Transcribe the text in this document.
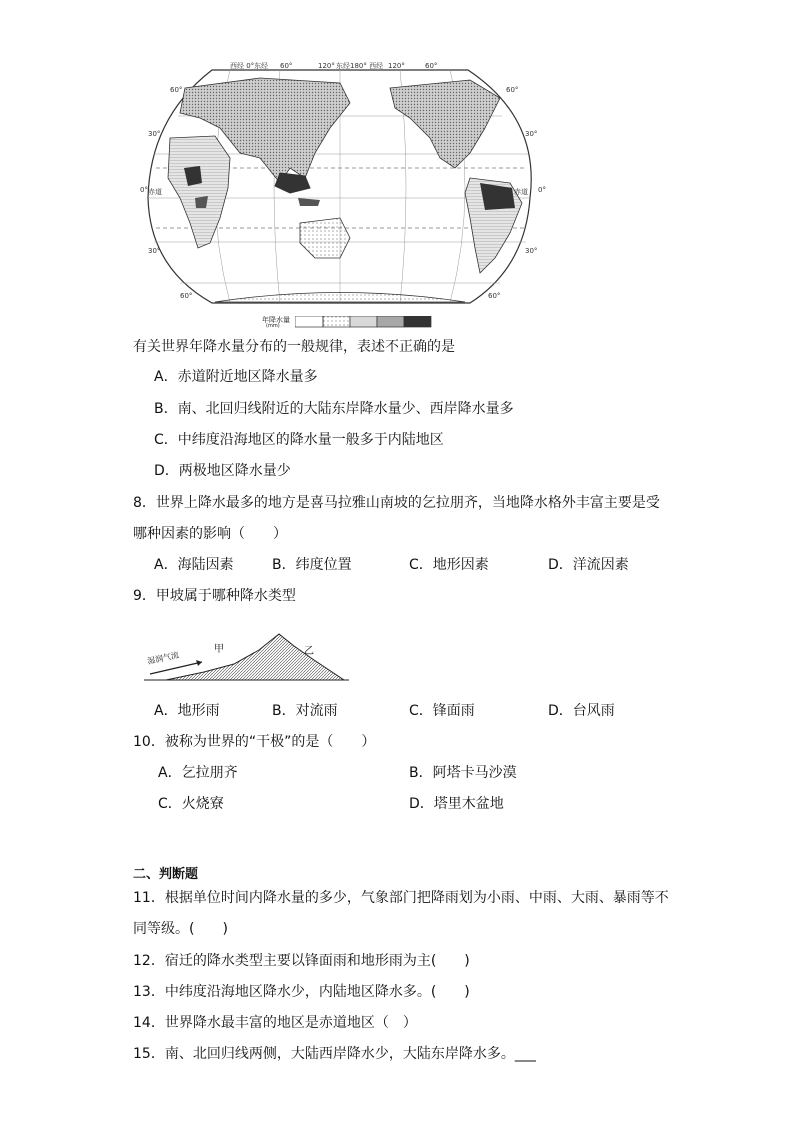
西经 0°东经 60°	120° 东经180° 西经 120°	60°
60°
30°
0°
30°
60°
60°
30°
0°
30°
60°
赤道	赤道
年降水量
(mm)
有关世界年降水量分布的一般规律，表述不正确的是
A．赤道附近地区降水量多
B．南、北回归线附近的大陆东岸降水量少、西岸降水量多
C．中纬度沿海地区的降水量一般多于内陆地区
D．两极地区降水量少
8．世界上降水最多的地方是喜马拉雅山南坡的乞拉朋齐，当地降水格外丰富主要是受
哪种因素的影响（　　）
A．海陆因素	B．纬度位置	C．地形因素	D．洋流因素
9．甲坡属于哪种降水类型
湿润气流
甲	乙
A．地形雨	B．对流雨	C．锋面雨	D．台风雨
10．被称为世界的“干极”的是（　　）
A．乞拉朋齐	B．阿塔卡马沙漠
C．火烧寮	D．塔里木盆地
二、判断题
11．根据单位时间内降水量的多少，气象部门把降雨划为小雨、中雨、大雨、暴雨等不
同等级。(　　)
12．宿迁的降水类型主要以锋面雨和地形雨为主(　　)
13．中纬度沿海地区降水少，内陆地区降水多。(　　)
14．世界降水最丰富的地区是赤道地区（　）
15．南、北回归线两侧，大陆西岸降水少，大陆东岸降水多。___
